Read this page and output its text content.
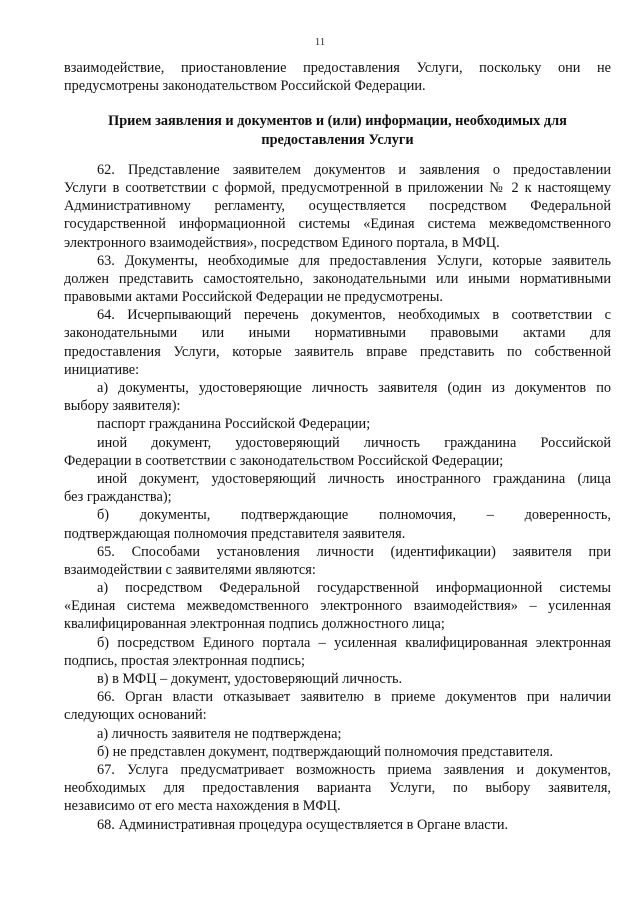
11
взаимодействие, приостановление предоставления Услуги, поскольку они не
предусмотрены законодательством Российской Федерации.
Прием заявления и документов и (или) информации, необходимых для
предоставления Услуги
62. Представление заявителем документов и заявления о предоставлении
Услуги в соответствии с формой, предусмотренной в приложении № 2 к настоящему
Административному регламенту, осуществляется посредством Федеральной
государственной информационной системы «Единая система межведомственного
электронного взаимодействия», посредством Единого портала, в МФЦ.
63. Документы, необходимые для предоставления Услуги, которые заявитель
должен представить самостоятельно, законодательными или иными нормативными
правовыми актами Российской Федерации не предусмотрены.
64. Исчерпывающий перечень документов, необходимых в соответствии с
законодательными или иными нормативными правовыми актами для
предоставления Услуги, которые заявитель вправе представить по собственной
инициативе:
а) документы, удостоверяющие личность заявителя (один из документов по
выбору заявителя):
паспорт гражданина Российской Федерации;
иной документ, удостоверяющий личность гражданина Российской
Федерации в соответствии с законодательством Российской Федерации;
иной документ, удостоверяющий личность иностранного гражданина (лица
без гражданства);
б) документы, подтверждающие полномочия, – доверенность,
подтверждающая полномочия представителя заявителя.
65. Способами установления личности (идентификации) заявителя при
взаимодействии с заявителями являются:
а) посредством Федеральной государственной информационной системы
«Единая система межведомственного электронного взаимодействия» – усиленная
квалифицированная электронная подпись должностного лица;
б) посредством Единого портала – усиленная квалифицированная электронная
подпись, простая электронная подпись;
в) в МФЦ – документ, удостоверяющий личность.
66. Орган власти отказывает заявителю в приеме документов при наличии
следующих оснований:
а) личность заявителя не подтверждена;
б) не представлен документ, подтверждающий полномочия представителя.
67. Услуга предусматривает возможность приема заявления и документов,
необходимых для предоставления варианта Услуги, по выбору заявителя,
независимо от его места нахождения в МФЦ.
68. Административная процедура осуществляется в Органе власти.
